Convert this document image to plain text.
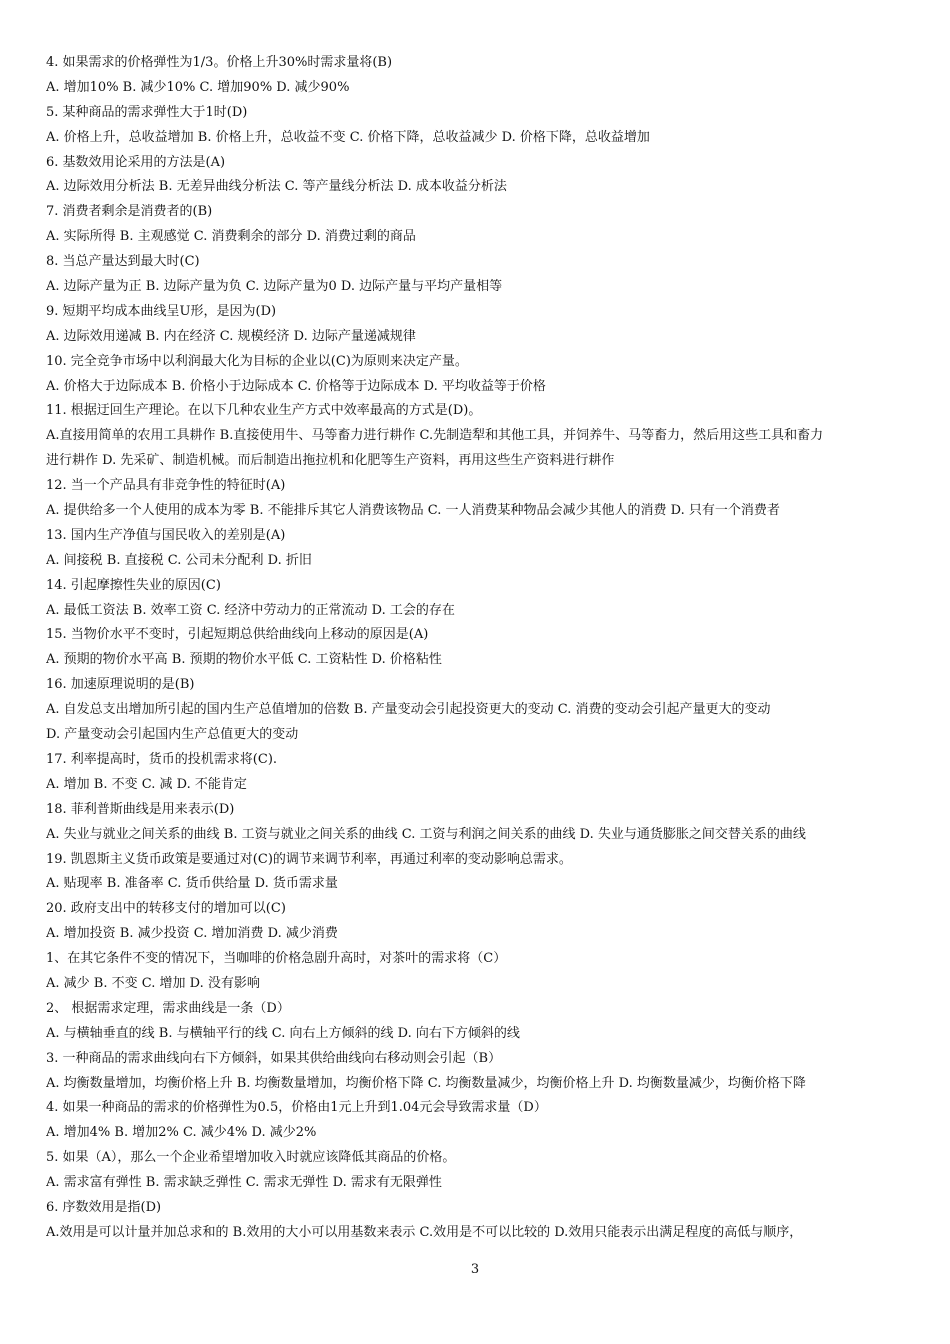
4. 如果需求的价格弹性为1/3。价格上升30%时需求量将(B)
A. 增加10% B. 减少10% C. 增加90% D. 减少90%
5. 某种商品的需求弹性大于1时(D)
A. 价格上升，总收益增加 B. 价格上升，总收益不变 C. 价格下降，总收益减少 D. 价格下降，总收益增加
6. 基数效用论采用的方法是(A)
A. 边际效用分析法 B. 无差异曲线分析法 C. 等产量线分析法 D. 成本收益分析法
7. 消费者剩余是消费者的(B)
A. 实际所得 B. 主观感觉 C. 消费剩余的部分 D. 消费过剩的商品
8. 当总产量达到最大时(C)
A. 边际产量为正 B. 边际产量为负 C. 边际产量为0 D. 边际产量与平均产量相等
9. 短期平均成本曲线呈U形，是因为(D)
A. 边际效用递减 B. 内在经济 C. 规模经济 D. 边际产量递减规律
10. 完全竞争市场中以利润最大化为目标的企业以(C)为原则来决定产量。
A. 价格大于边际成本 B. 价格小于边际成本 C. 价格等于边际成本 D. 平均收益等于价格
11. 根据迂回生产理论。在以下几种农业生产方式中效率最高的方式是(D)。
A.直接用简单的农用工具耕作 B.直接使用牛、马等畜力进行耕作 C.先制造犁和其他工具，并饲养牛、马等畜力，然后用这些工具和畜力
进行耕作 D. 先采矿、制造机械。而后制造出拖拉机和化肥等生产资料，再用这些生产资料进行耕作
12. 当一个产品具有非竞争性的特征时(A)
A. 提供给多一个人使用的成本为零 B. 不能排斥其它人消费该物品 C. 一人消费某种物品会减少其他人的消费 D. 只有一个消费者
13. 国内生产净值与国民收入的差别是(A)
A. 间接税 B. 直接税 C. 公司未分配利 D. 折旧
14. 引起摩擦性失业的原因(C)
A. 最低工资法 B. 效率工资 C. 经济中劳动力的正常流动 D. 工会的存在
15. 当物价水平不变时，引起短期总供给曲线向上移动的原因是(A)
A. 预期的物价水平高 B. 预期的物价水平低 C. 工资粘性 D. 价格粘性
16. 加速原理说明的是(B)
A. 自发总支出增加所引起的国内生产总值增加的倍数 B. 产量变动会引起投资更大的变动 C. 消费的变动会引起产量更大的变动
D. 产量变动会引起国内生产总值更大的变动
17. 利率提高时，货币的投机需求将(C).
A. 增加 B. 不变 C. 减 D. 不能肯定
18. 菲利普斯曲线是用来表示(D)
A. 失业与就业之间关系的曲线 B. 工资与就业之间关系的曲线 C. 工资与利润之间关系的曲线 D. 失业与通货膨胀之间交替关系的曲线
19. 凯恩斯主义货币政策是要通过对(C)的调节来调节利率，再通过利率的变动影响总需求。
A. 贴现率 B. 准备率 C. 货币供给量 D. 货币需求量
20. 政府支出中的转移支付的增加可以(C)
A. 增加投资 B. 减少投资 C. 增加消费 D. 减少消费
1、在其它条件不变的情况下，当咖啡的价格急剧升高时，对茶叶的需求将（C）
A. 减少 B. 不变 C. 增加 D. 没有影响
2、 根据需求定理，需求曲线是一条（D）
A. 与横轴垂直的线 B. 与横轴平行的线 C. 向右上方倾斜的线 D. 向右下方倾斜的线
3. 一种商品的需求曲线向右下方倾斜，如果其供给曲线向右移动则会引起（B）
A. 均衡数量增加，均衡价格上升 B. 均衡数量增加，均衡价格下降 C. 均衡数量减少，均衡价格上升 D. 均衡数量减少，均衡价格下降
4. 如果一种商品的需求的价格弹性为0.5，价格由1元上升到1.04元会导致需求量（D）
A. 增加4% B. 增加2% C. 减少4% D. 减少2%
5. 如果（A），那么一个企业希望增加收入时就应该降低其商品的价格。
A. 需求富有弹性 B. 需求缺乏弹性 C. 需求无弹性 D. 需求有无限弹性
6. 序数效用是指(D)
A.效用是可以计量并加总求和的 B.效用的大小可以用基数来表示 C.效用是不可以比较的 D.效用只能表示出满足程度的高低与顺序，
3
